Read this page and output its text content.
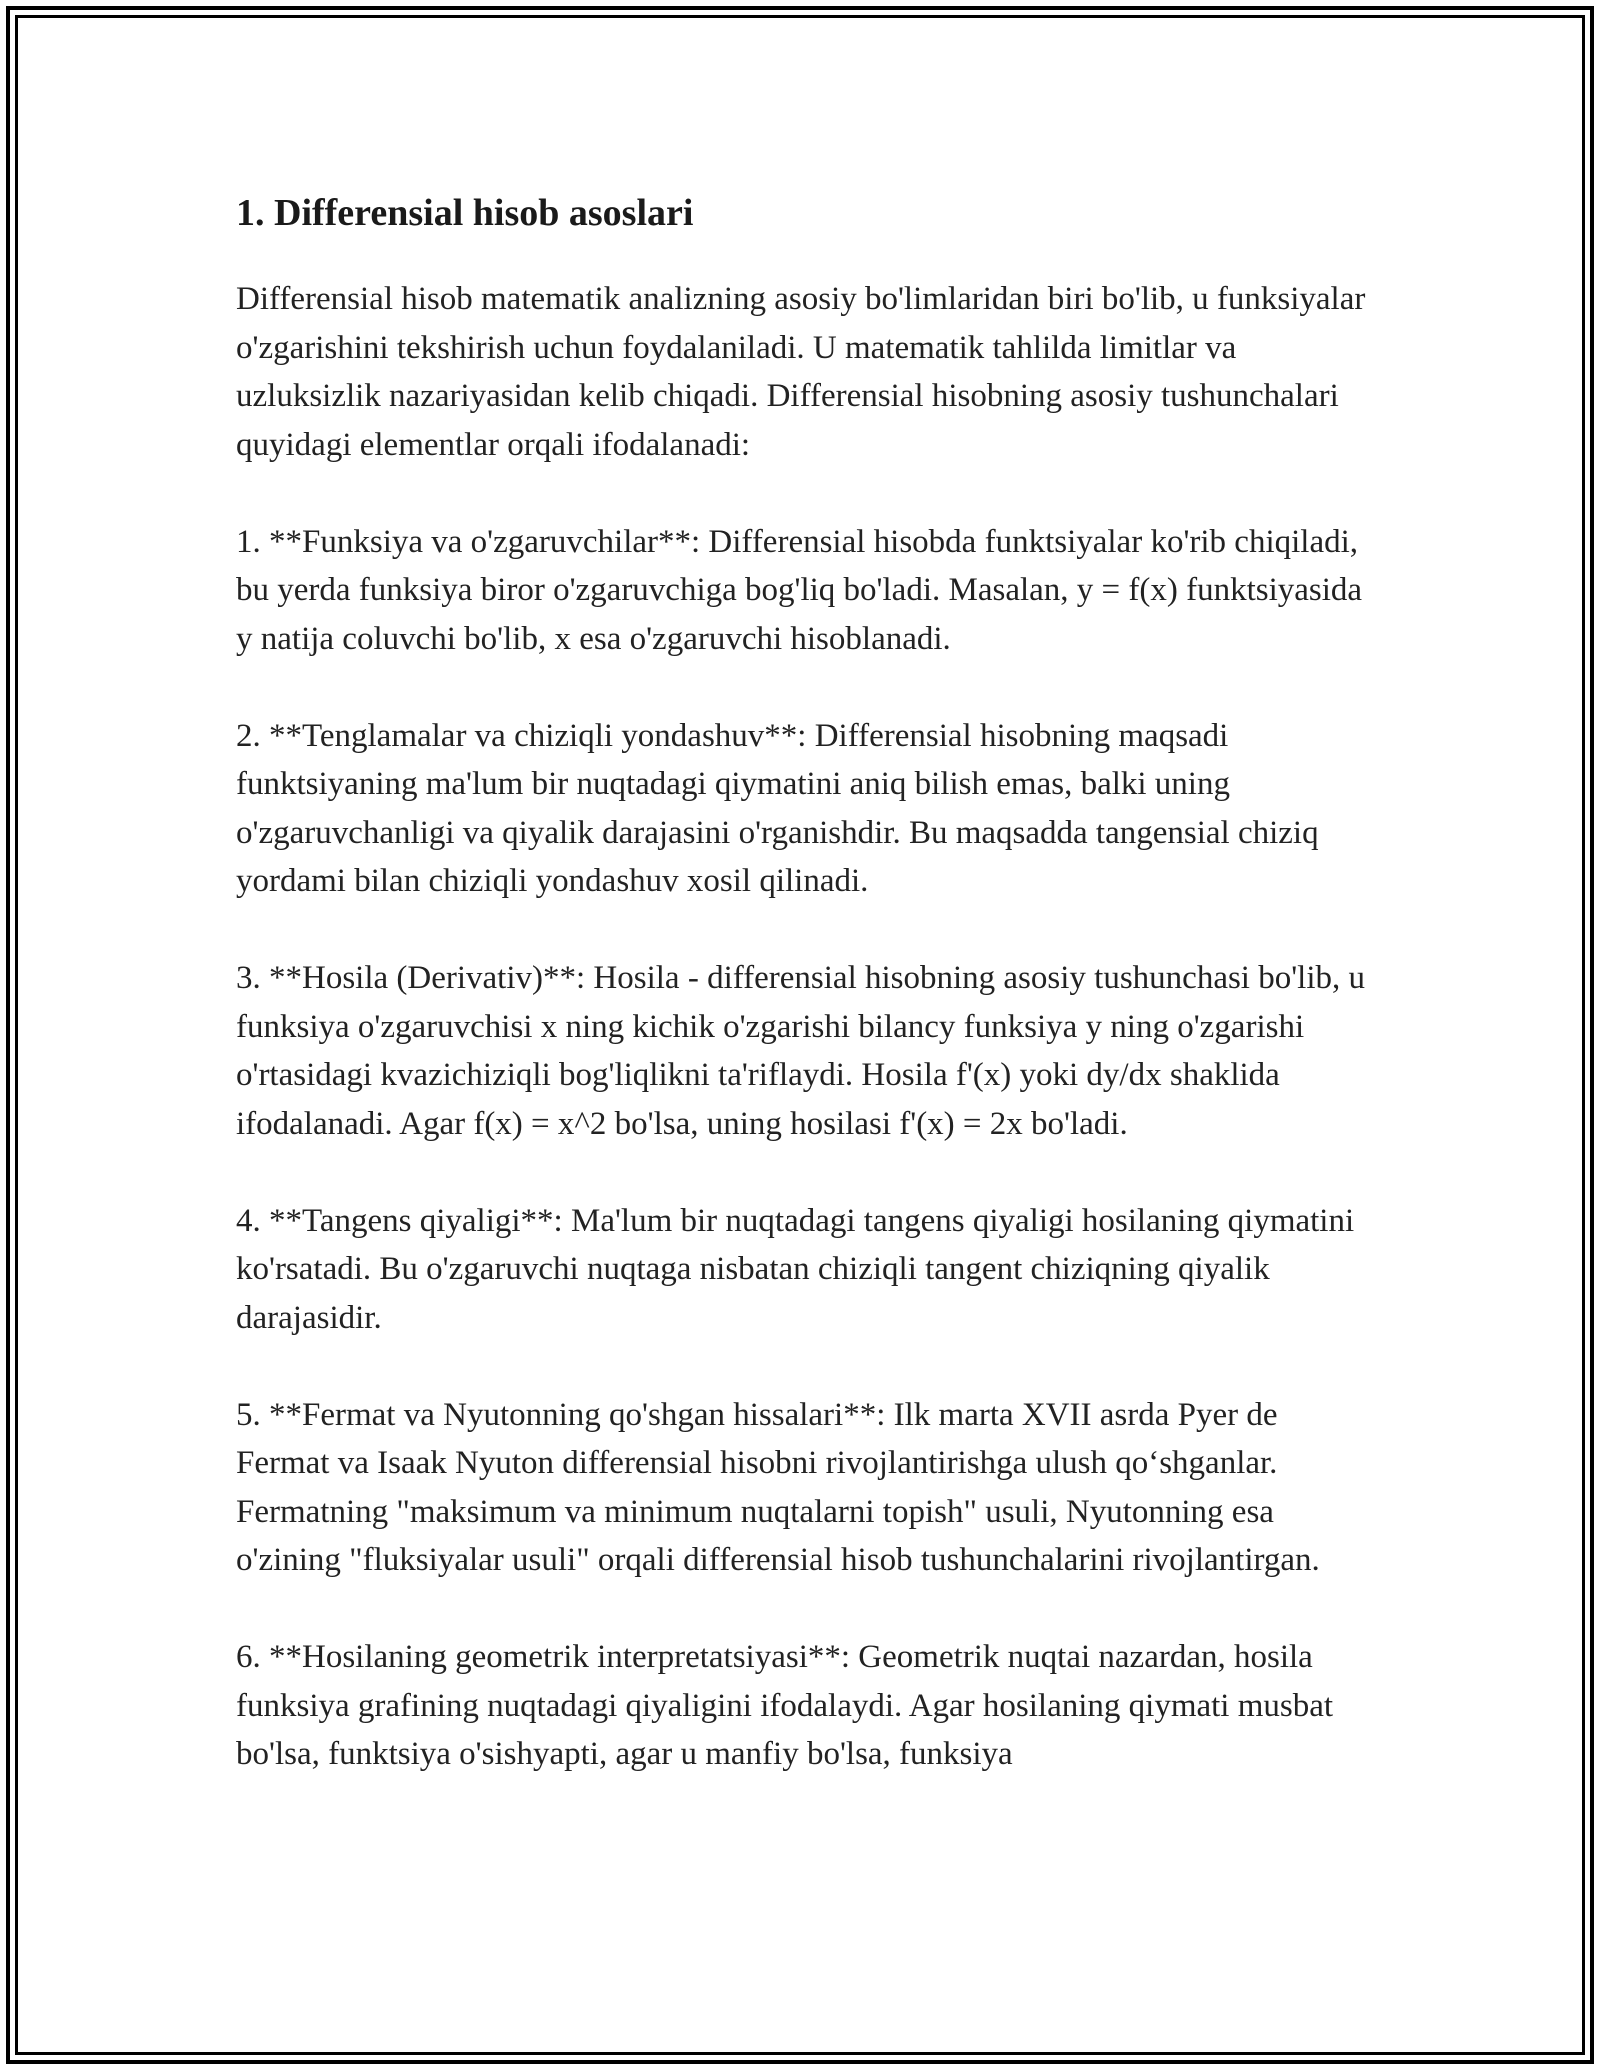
1. Differensial hisob asoslari

Differensial hisob matematik analizning asosiy bo'limlaridan biri bo'lib, u funksiyalar o'zgarishini tekshirish uchun foydalaniladi. U matematik tahlilda limitlar va uzluksizlik nazariyasidan kelib chiqadi. Differensial hisobning asosiy tushunchalari quyidagi elementlar orqali ifodalanadi:

1. **Funksiya va o'zgaruvchilar**: Differensial hisobda funktsiyalar ko'rib chiqiladi, bu yerda funksiya biror o'zgaruvchiga bog'liq bo'ladi. Masalan, y = f(x) funktsiyasida y natija coluvchi bo'lib, x esa o'zgaruvchi hisoblanadi.

2. **Tenglamalar va chiziqli yondashuv**: Differensial hisobning maqsadi funktsiyaning ma'lum bir nuqtadagi qiymatini aniq bilish emas, balki uning o'zgaruvchanligi va qiyalik darajasini o'rganishdir. Bu maqsadda tangensial chiziq yordami bilan chiziqli yondashuv xosil qilinadi.

3. **Hosila (Derivativ)**: Hosila - differensial hisobning asosiy tushunchasi bo'lib, u funksiya o'zgaruvchisi x ning kichik o'zgarishi bilancy funksiya y ning o'zgarishi o'rtasidagi kvazichiziqli bog'liqlikni ta'riflaydi. Hosila f'(x) yoki dy/dx shaklida ifodalanadi. Agar f(x) = x^2 bo'lsa, uning hosilasi f'(x) = 2x bo'ladi.

4. **Tangens qiyaligi**: Ma'lum bir nuqtadagi tangens qiyaligi hosilaning qiymatini ko'rsatadi. Bu o'zgaruvchi nuqtaga nisbatan chiziqli tangent chiziqning qiyalik darajasidir.

5. **Fermat va Nyutonning qo'shgan hissalari**: Ilk marta XVII asrda Pyer de Fermat va Isaak Nyuton differensial hisobni rivojlantirishga ulush qo‘shganlar. Fermatning "maksimum va minimum nuqtalarni topish" usuli, Nyutonning esa o'zining "fluksiyalar usuli" orqali differensial hisob tushunchalarini rivojlantirgan.

6. **Hosilaning geometrik interpretatsiyasi**: Geometrik nuqtai nazardan, hosila funksiya grafining nuqtadagi qiyaligini ifodalaydi. Agar hosilaning qiymati musbat bo'lsa, funktsiya o'sishyapti, agar u manfiy bo'lsa, funksiya
